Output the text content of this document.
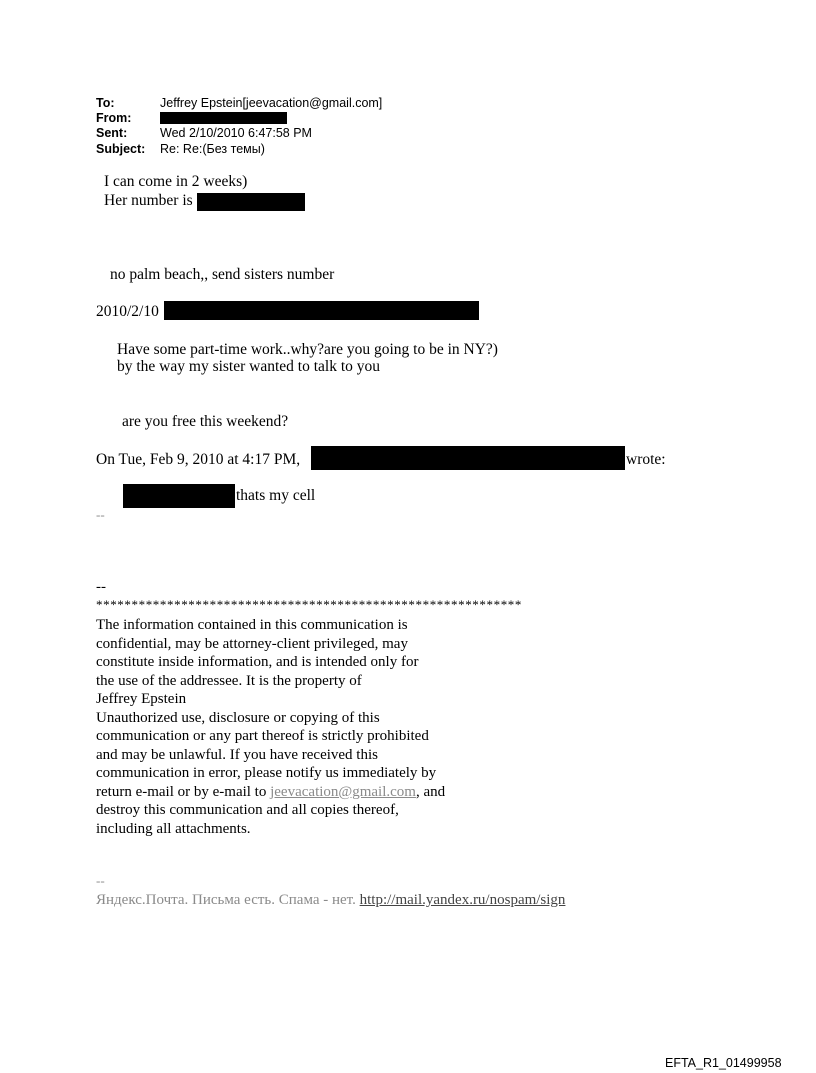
To:	Jeffrey Epstein[jeevacation@gmail.com]
From:
Sent:	Wed 2/10/2010 6:47:58 PM
Subject: Re: Re:(Без темы)
I can come in 2 weeks)
Her number is
no palm beach,, send sisters number
2010/2/10
Have some part-time work..why?are you going to be in NY?)
by the way my sister wanted to talk to you
are you free this weekend?
On Tue, Feb 9, 2010 at 4:17 PM,	wrote:
thats my cell
--
--
************************************************************
The information contained in this communication is
confidential, may be attorney-client privileged, may
constitute inside information, and is intended only for
the use of the addressee. It is the property of
Jeffrey Epstein
Unauthorized use, disclosure or copying of this
communication or any part thereof is strictly prohibited
and may be unlawful. If you have received this
communication in error, please notify us immediately by
return e-mail or by e-mail to jeevacation@gmail.com, and
destroy this communication and all copies thereof,
including all attachments.
--
Яндекс.Почта. Письма есть. Спама - нет. http://mail.yandex.ru/nospam/sign
EFTA_R1_01499958
